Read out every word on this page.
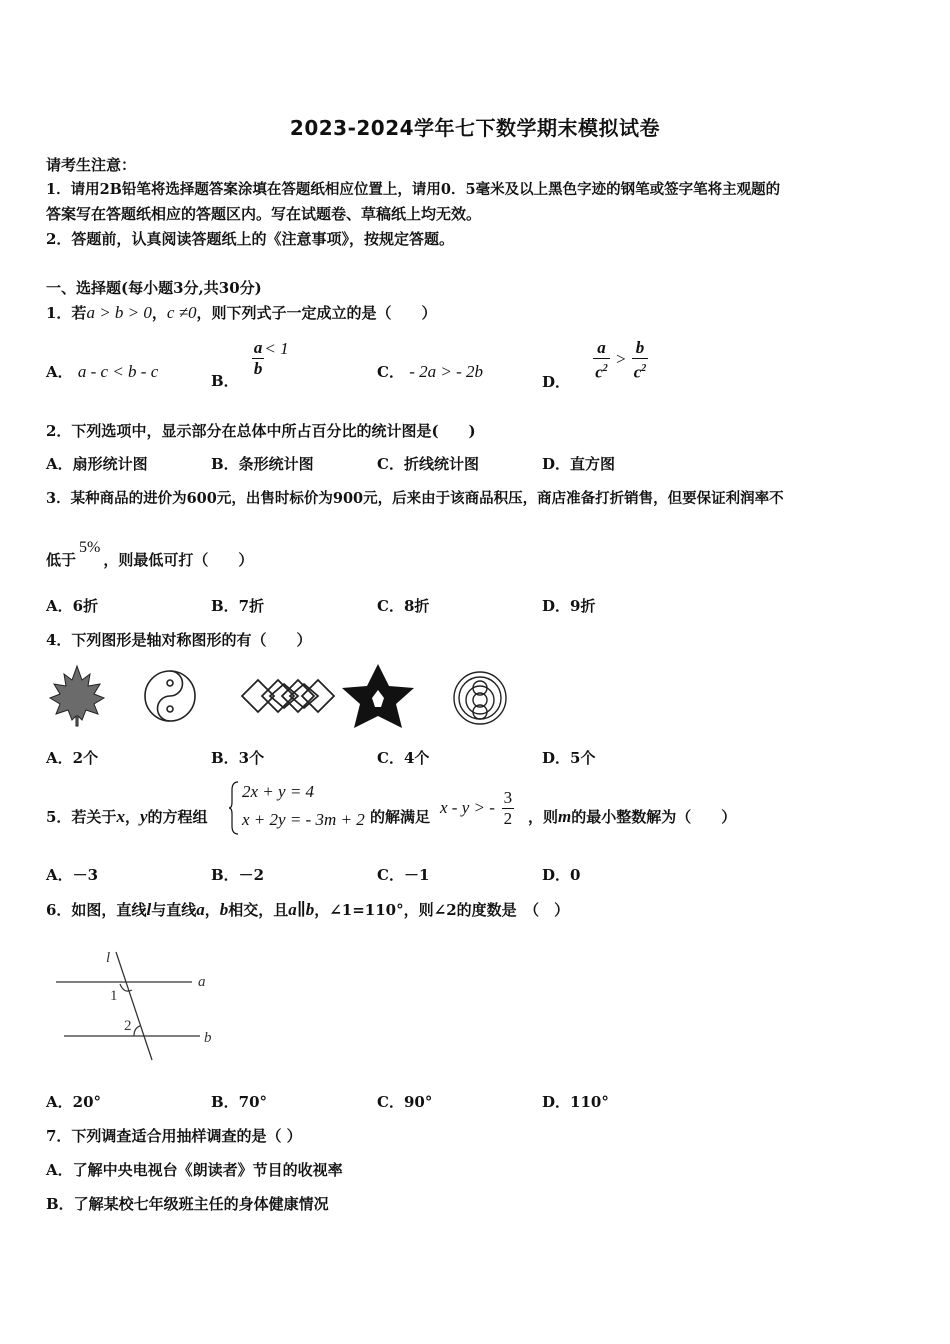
2023-2024学年七下数学期末模拟试卷
请考生注意：
1．请用2B铅笔将选择题答案涂填在答题纸相应位置上，请用0．5毫米及以上黑色字迹的钢笔或签字笔将主观题的
答案写在答题纸相应的答题区内。写在试题卷、草稿纸上均无效。
2．答题前，认真阅读答题纸上的《注意事项》，按规定答题。
一、选择题(每小题3分,共30分)
1．若a > b > 0，c ≠0，则下列式子一定成立的是（　　）
A． a - c < b - c	B．
$\frac{a}{b} < 1$
C． - 2a > - 2b
D． $\frac{a}{c^2} > \frac{b}{c^2}$
2．下列选项中，显示部分在总体中所占百分比的统计图是(　　)
A．扇形统计图	B．条形统计图	C．折线统计图	D．直方图
3．某种商品的进价为600元，出售时标价为900元，后来由于该商品积压，商店准备打折销售，但要保证利润率不
低于5%，则最低可打（　　）
A．6折	B．7折	C．8折	D．9折
4．下列图形是轴对称图形的有（　　）
A．2个	B．3个	C．4个	D．5个
5．若关于x，y的方程组
2x + y = 4
x + 2y = - 3m + 2 的解满足
x - y > - $\frac{3}{2}$ ，则m的最小整数解为（　　）
A．－3	B．－2	C．－1	D．0
6．如图，直线l与直线a，b相交，且a∥b，∠1=110°，则∠2的度数是　（　）
l
a
b
1
2
A．20°	B．70°	C．90°	D．110°
7．下列调查适合用抽样调查的是（ ）
A．了解中央电视台《朗读者》节目的收视率
B．了解某校七年级班主任的身体健康情况
